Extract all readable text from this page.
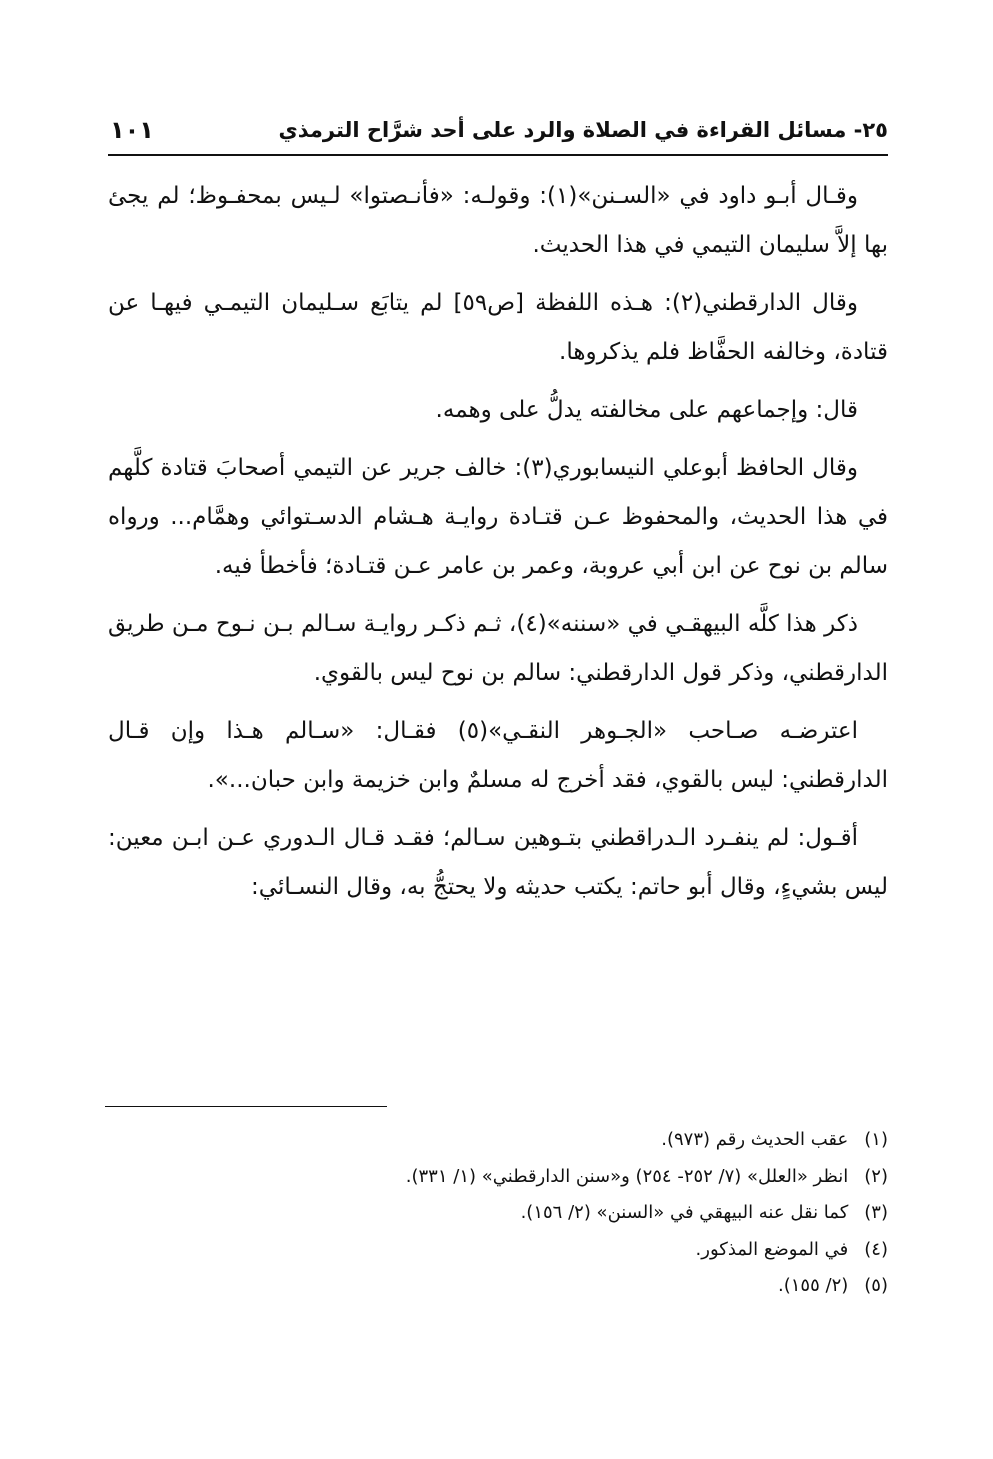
٢٥- مسائل القراءة في الصلاة والرد على أحد شرَّاح الترمذي
١٠١

وقـال أبـو داود في «السـنن»(١): وقولـه: «فأنـصتوا» لـيس بمحفـوظ؛ لم يجئ بها إلاَّ سليمان التيمي في هذا الحديث.

وقال الدارقطني(٢): هـذه اللفظة [ص٥٩] لم يتابَع سـليمان التيمـي فيهـا عن قتادة، وخالفه الحفَّاظ فلم يذكروها.

قال: وإجماعهم على مخالفته يدلُّ على وهمه.

وقال الحافظ أبوعلي النيسابوري(٣): خالف جرير عن التيمي أصحابَ قتادة كلَّهم في هذا الحديث، والمحفوظ عـن قتـادة روايـة هـشام الدسـتوائي وهمَّام... ورواه سالم بن نوح عن ابن أبي عروبة، وعمر بن عامر عـن قتـادة؛ فأخطأ فيه.

ذكر هذا كلَّه البيهقـي في «سننه»(٤)، ثـم ذكـر روايـة سـالم بـن نـوح مـن طريق الدارقطني، وذكر قول الدارقطني: سالم بن نوح ليس بالقوي.

اعترضـه صـاحب «الجـوهر النقـي»(٥) فقـال: «سـالم هـذا وإن قـال الدارقطني: ليس بالقوي، فقد أخرج له مسلمٌ وابن خزيمة وابن حبان...».

أقـول: لم ينفـرد الـدراقطني بتـوهين سـالم؛ فقـد قـال الـدوري عـن ابـن معين: ليس بشيءٍ، وقال أبو حاتم: يكتب حديثه ولا يحتجُّ به، وقال النسـائي:

(١)عقب الحديث رقم (٩٧٣).

(٢)انظر «العلل» (٧/ ٢٥٢- ٢٥٤) و«سنن الدارقطني» (١/ ٣٣١).

(٣)كما نقل عنه البيهقي في «السنن» (٢/ ١٥٦).

(٤)في الموضع المذكور.

(٥)(٢/ ١٥٥).
